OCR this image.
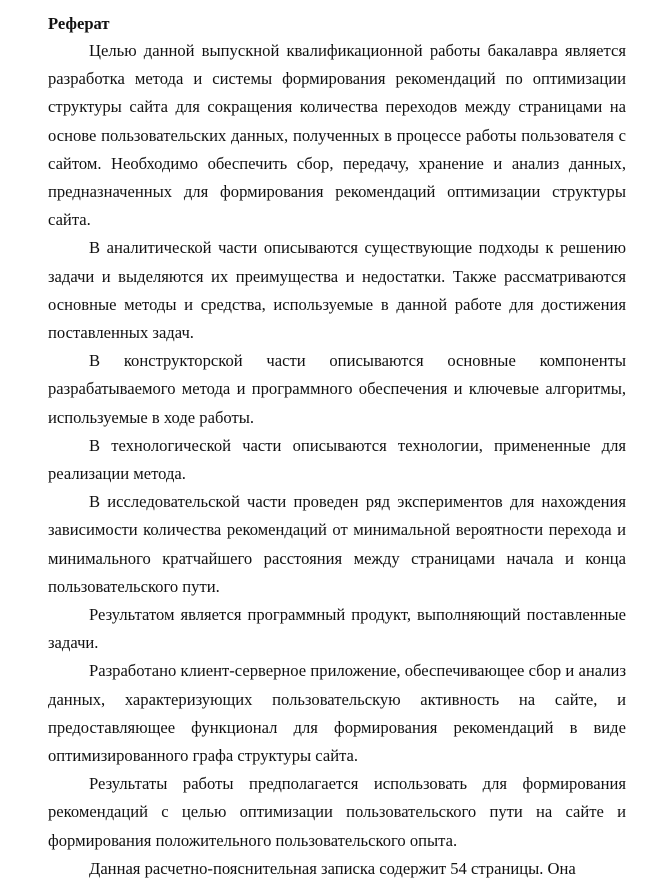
Реферат

Целью данной выпускной квалификационной работы бакалавра является разработка метода и системы формирования рекомендаций по оптимизации структуры сайта для сокращения количества переходов между страницами на основе пользовательских данных, полученных в процессе работы пользователя с сайтом. Необходимо обеспечить сбор, передачу, хранение и анализ данных, предназначенных для формирования рекомендаций оптимизации структуры сайта.

В аналитической части описываются существующие подходы к решению задачи и выделяются их преимущества и недостатки. Также рассматриваются основные методы и средства, используемые в данной работе для достижения поставленных задач.

В конструкторской части описываются основные компоненты разрабатываемого метода и программного обеспечения и ключевые алгоритмы, используемые в ходе работы.

В технологической части описываются технологии, примененные для реализации метода.

В исследовательской части проведен ряд экспериментов для нахождения зависимости количества рекомендаций от минимальной вероятности перехода и минимального кратчайшего расстояния между страницами начала и конца пользовательского пути.

Результатом является программный продукт, выполняющий поставленные задачи.

Разработано клиент-серверное приложение, обеспечивающее сбор и анализ данных, характеризующих пользовательскую активность на сайте, и предоставляющее функционал для формирования рекомендаций в виде оптимизированного графа структуры сайта.

Результаты работы предполагается использовать для формирования рекомендаций с целью оптимизации пользовательского пути на сайте и формирования положительного пользовательского опыта.

Данная расчетно-пояснительная записка содержит 54 страницы. Она
